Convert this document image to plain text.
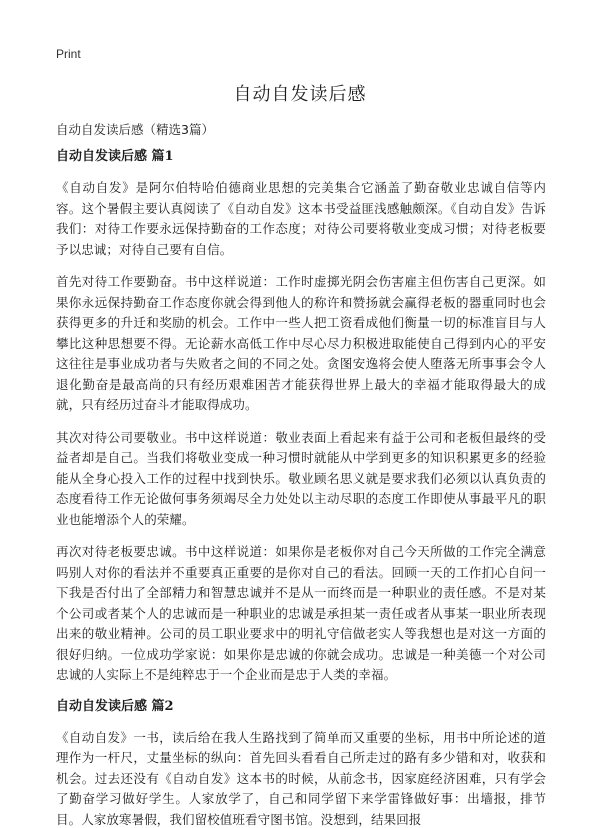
Print
自动自发读后感

自动自发读后感（精选3篇）

自动自发读后感 篇1

《自动自发》是阿尔伯特哈伯德商业思想的完美集合它涵盖了勤奋敬业忠诚自信等内容。这个暑假主要认真阅读了《自动自发》这本书受益匪浅感触颇深。《自动自发》告诉我们：对待工作要永远保持勤奋的工作态度；对待公司要将敬业变成习惯；对待老板要予以忠诚；对待自己要有自信。

首先对待工作要勤奋。书中这样说道：工作时虚掷光阴会伤害雇主但伤害自己更深。如果你永远保持勤奋工作态度你就会得到他人的称许和赞扬就会赢得老板的器重同时也会获得更多的升迁和奖励的机会。工作中一些人把工资看成他们衡量一切的标准盲目与人攀比这种思想要不得。无论薪水高低工作中尽心尽力积极进取能使自己得到内心的平安这往往是事业成功者与失败者之间的不同之处。贪图安逸将会使人堕落无所事事会令人退化勤奋是最高尚的只有经历艰难困苦才能获得世界上最大的幸福才能取得最大的成就，只有经历过奋斗才能取得成功。

其次对待公司要敬业。书中这样说道：敬业表面上看起来有益于公司和老板但最终的受益者却是自己。当我们将敬业变成一种习惯时就能从中学到更多的知识积累更多的经验能从全身心投入工作的过程中找到快乐。敬业顾名思义就是要求我们必须以认真负责的态度看待工作无论做何事务须竭尽全力处处以主动尽职的态度工作即使从事最平凡的职业也能增添个人的荣耀。

再次对待老板要忠诚。书中这样说道：如果你是老板你对自己今天所做的工作完全满意吗别人对你的看法并不重要真正重要的是你对自己的看法。回顾一天的工作扪心自问一下我是否付出了全部精力和智慧忠诚并不是从一而终而是一种职业的责任感。不是对某个公司或者某个人的忠诚而是一种职业的忠诚是承担某一责任或者从事某一职业所表现出来的敬业精神。公司的员工职业要求中的明礼守信做老实人等我想也是对这一方面的很好归纳。一位成功学家说：如果你是忠诚的你就会成功。忠诚是一种美德一个对公司忠诚的人实际上不是纯粹忠于一个企业而是忠于人类的幸福。

自动自发读后感 篇2

《自动自发》一书，读后给在我人生路找到了简单而又重要的坐标，用书中所论述的道理作为一杆尺，丈量坐标的纵向：首先回头看看自己所走过的路有多少错和对，收获和机会。过去还没有《自动自发》这本书的时候，从前念书，因家庭经济困难，只有学会了勤奋学习做好学生。人家放学了，自己和同学留下来学雷锋做好事：出墙报，排节目。人家放寒暑假，我们留校值班看守图书馆。没想到，结果回报
